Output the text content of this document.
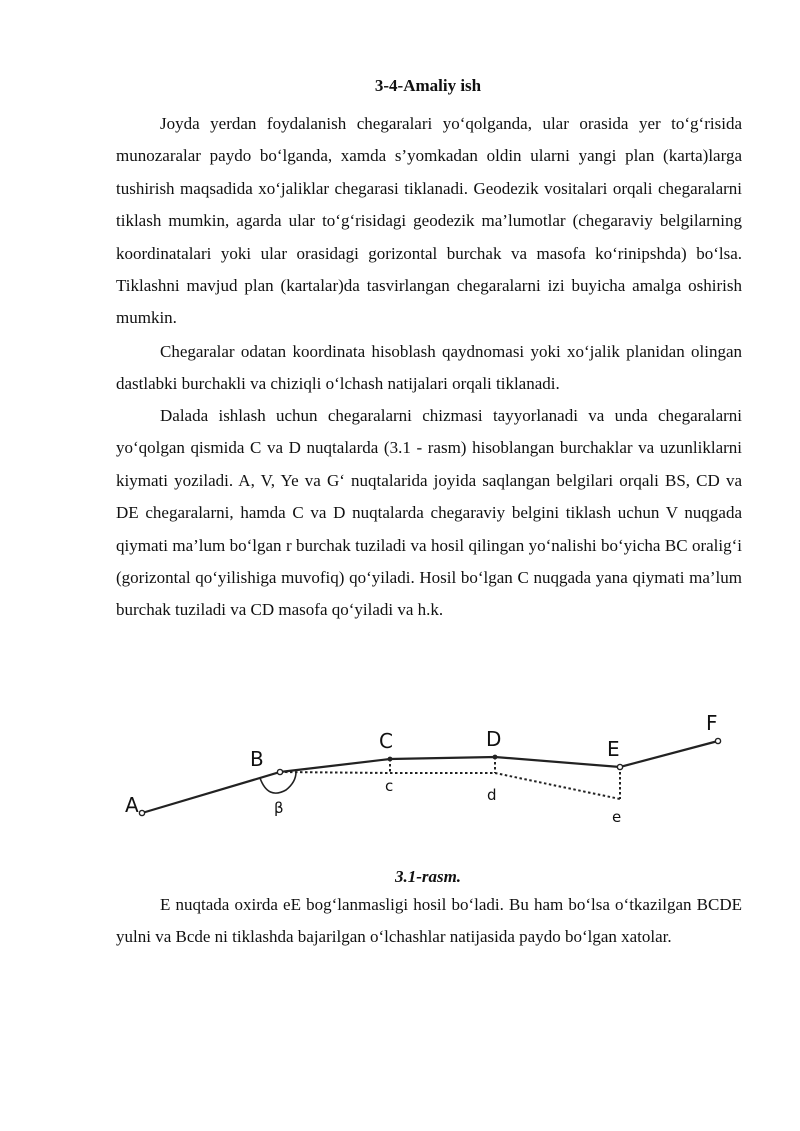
3-4-Amaliy ish

Joyda yerdan foydalanish chegaralari yo‘qolganda, ular orasida yer to‘g‘risida munozaralar paydo bo‘lganda, xamda s’yomkadan oldin ularni yangi plan (karta)larga tushirish maqsadida xo‘jaliklar chegarasi tiklanadi. Geodezik vositalari orqali chegaralarni tiklash mumkin, agarda ular to‘g‘risidagi geodezik ma’lumotlar (chegaraviy belgilarning koordinatalari yoki ular orasidagi gorizontal burchak va masofa ko‘rinipshda) bo‘lsa. Tiklashni mavjud plan (kartalar)da tasvirlangan chegaralarni izi buyicha amalga oshirish mumkin.

Chegaralar odatan koordinata hisoblash qaydnomasi yoki xo‘jalik planidan olingan dastlabki burchakli va chiziqli o‘lchash natijalari orqali tiklanadi.

Dalada ishlash uchun chegaralarni chizmasi tayyorlanadi va unda chegaralarni yo‘qolgan qismida C va D nuqtalarda (3.1 - rasm) hisoblangan burchaklar va uzunliklarni kiymati yoziladi. A, V, Ye va G‘ nuqtalarida joyida saqlangan belgilari orqali BS, CD va DE chegaralarni, hamda C va D nuqtalarda chegaraviy belgini tiklash uchun V nuqgada qiymati ma’lum bo‘lgan r burchak tuziladi va hosil qilingan yo‘nalishi bo‘yicha BC oralig‘i (gorizontal qo‘yilishiga muvofiq) qo‘yiladi. Hosil bo‘lgan C nuqgada yana qiymati ma’lum burchak tuziladi va CD masofa qo‘yiladi va h.k.

A
B
C	D	E
F
c	d
e
β
3.1-rasm.

E nuqtada oxirda eE bog‘lanmasligi hosil bo‘ladi. Bu ham bo‘lsa o‘tkazilgan BCDE yulni va Bcde ni tiklashda bajarilgan o‘lchashlar natijasida paydo bo‘lgan xatolar.
